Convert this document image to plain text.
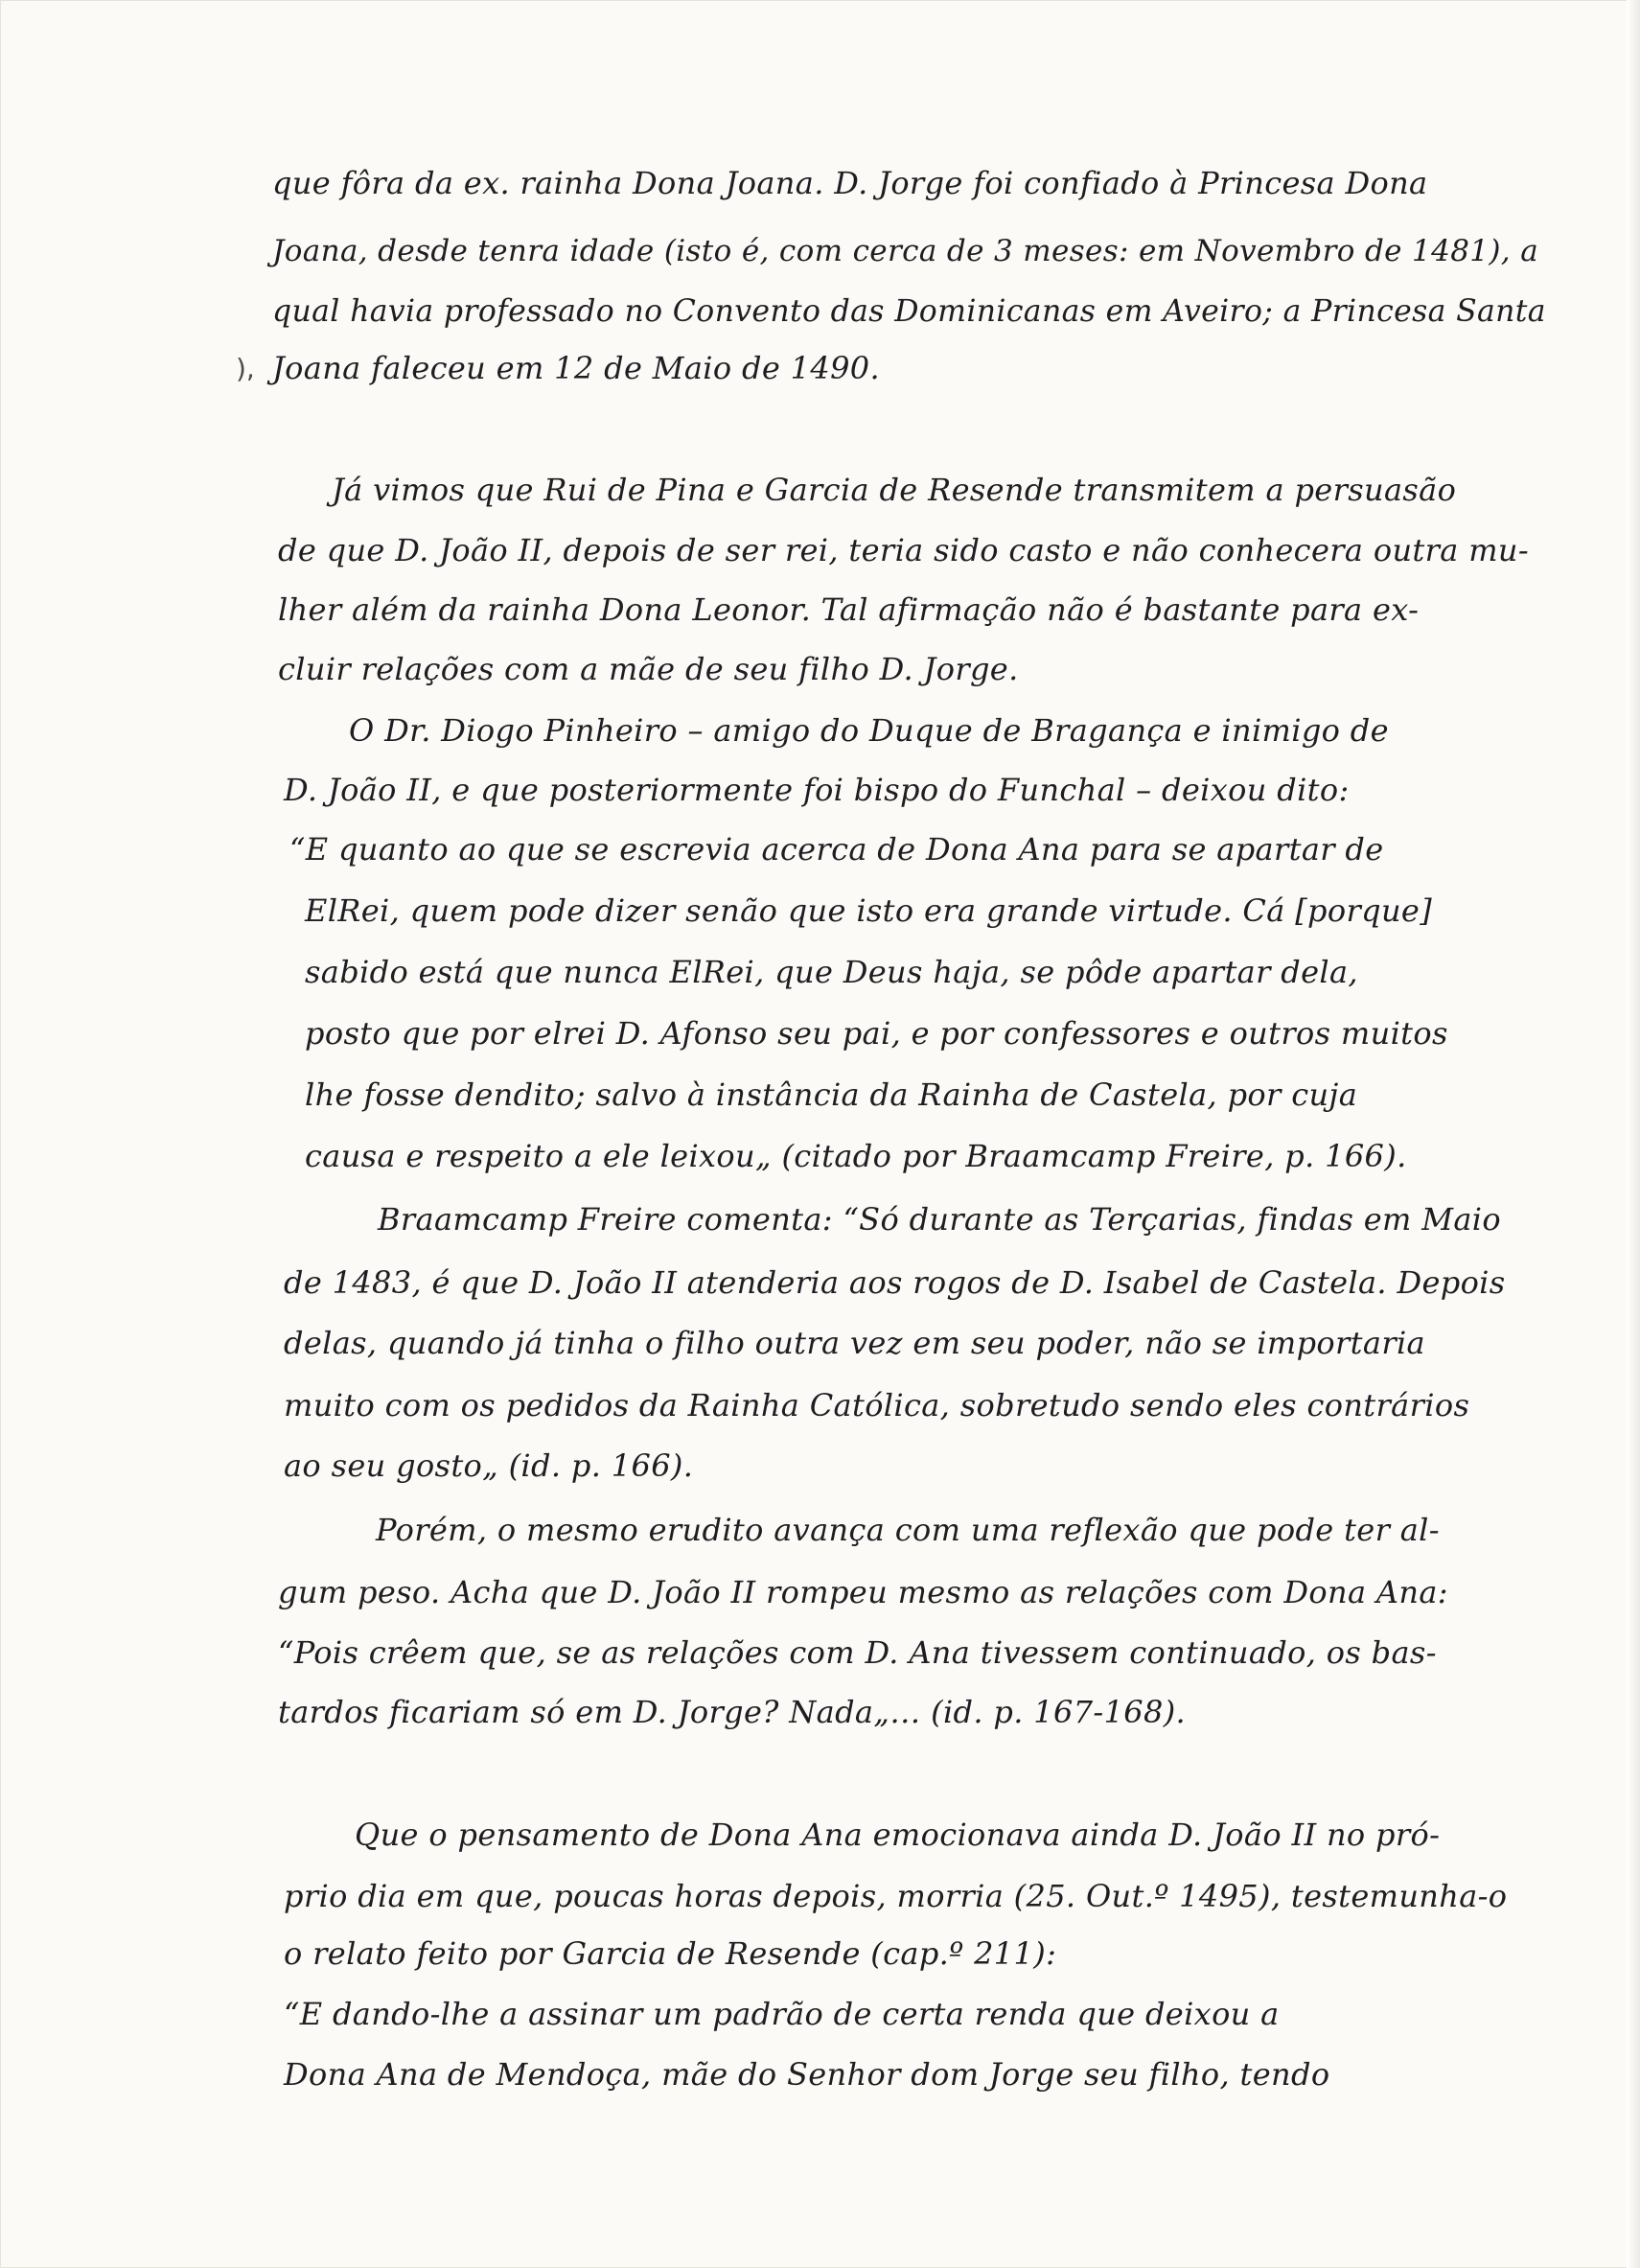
),

que fôra da ex. rainha Dona Joana. D. Jorge foi confiado à Princesa Dona

Joana, desde tenra idade (isto é, com cerca de 3 meses: em Novembro de 1481), a

qual havia professado no Convento das Dominicanas em Aveiro; a Princesa Santa

Joana faleceu em 12 de Maio de 1490.

Já vimos que Rui de Pina e Garcia de Resende transmitem a persuasão

de que D. João II, depois de ser rei, teria sido casto e não conhecera outra mu-

lher além da rainha Dona Leonor. Tal afirmação não é bastante para ex-

cluir relações com a mãe de seu filho D. Jorge.

O Dr. Diogo Pinheiro – amigo do Duque de Bragança e inimigo de

D. João II, e que posteriormente foi bispo do Funchal – deixou dito:

“E quanto ao que se escrevia acerca de Dona Ana para se apartar de

ElRei, quem pode dizer senão que isto era grande virtude. Cá [porque]

sabido está que nunca ElRei, que Deus haja, se pôde apartar dela,

posto que por elrei D. Afonso seu pai, e por confessores e outros muitos

lhe fosse dendito; salvo à instância da Rainha de Castela, por cuja

causa e respeito a ele leixou„ (citado por Braamcamp Freire, p. 166).

Braamcamp Freire comenta: “Só durante as Terçarias, findas em Maio

de 1483, é que D. João II atenderia aos rogos de D. Isabel de Castela. Depois

delas, quando já tinha o filho outra vez em seu poder, não se importaria

muito com os pedidos da Rainha Católica, sobretudo sendo eles contrários

ao seu gosto„ (id. p. 166).

Porém, o mesmo erudito avança com uma reflexão que pode ter al-

gum peso. Acha que D. João II rompeu mesmo as relações com Dona Ana:

“Pois crêem que, se as relações com D. Ana tivessem continuado, os bas-

tardos ficariam só em D. Jorge? Nada„… (id. p. 167-168).

Que o pensamento de Dona Ana emocionava ainda D. João II no pró-

prio dia em que, poucas horas depois, morria (25. Out.º 1495), testemunha-o

o relato feito por Garcia de Resende (cap.º 211):

“E dando-lhe a assinar um padrão de certa renda que deixou a

Dona Ana de Mendoça, mãe do Senhor dom Jorge seu filho, tendo
